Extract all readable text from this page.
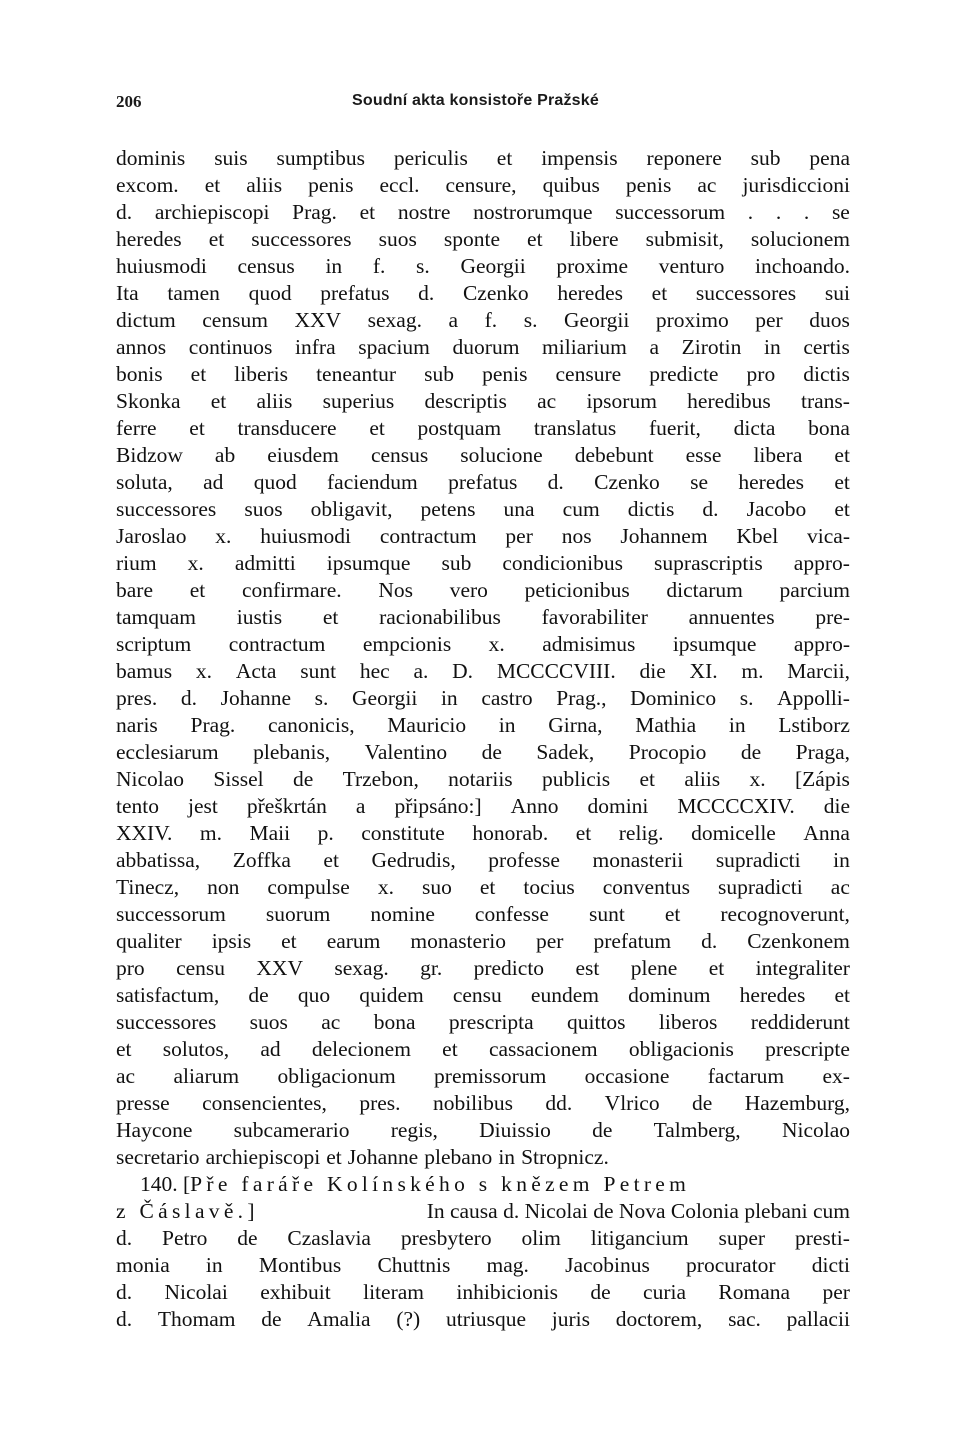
206	Soudní akta konsistoře Pražské
dominis suis sumptibus periculis et impensis reponere sub pena
excom. et aliis penis eccl. censure, quibus penis ac jurisdiccioni
d. archiepiscopi Prag. et nostre nostrorumque successorum . . . se
heredes et successores suos sponte et libere submisit, solucionem
huiusmodi census in f. s. Georgii proxime venturo inchoando.
Ita tamen quod prefatus d. Czenko heredes et successores sui
dictum censum XXV sexag. a f. s. Georgii proximo per duos
annos continuos infra spacium duorum miliarium a Zirotin in certis
bonis et liberis teneantur sub penis censure predicte pro dictis
Skonka et aliis superius descriptis ac ipsorum heredibus trans-
ferre et transducere et postquam translatus fuerit, dicta bona
Bidzow ab eiusdem census solucione debebunt esse libera et
soluta, ad quod faciendum prefatus d. Czenko se heredes et
successores suos obligavit, petens una cum dictis d. Jacobo et
Jaroslao x. huiusmodi contractum per nos Johannem Kbel vica-
rium x. admitti ipsumque sub condicionibus suprascriptis appro-
bare et confirmare. Nos vero peticionibus dictarum parcium
tamquam iustis et racionabilibus favorabiliter annuentes pre-
scriptum contractum empcionis x. admisimus ipsumque appro-
bamus x. Acta sunt hec a. D. MCCCCVIII. die XI. m. Marcii,
pres. d. Johanne s. Georgii in castro Prag., Dominico s. Appolli-
naris Prag. canonicis, Mauricio in Girna, Mathia in Lstiborz
ecclesiarum plebanis, Valentino de Sadek, Procopio de Praga,
Nicolao Sissel de Trzebon, notariis publicis et aliis x. [Zápis
tento jest přeškrtán a připsáno:] Anno domini MCCCCXIV. die
XXIV. m. Maii p. constitute honorab. et relig. domicelle Anna
abbatissa, Zoffka et Gedrudis, professe monasterii supradicti in
Tinecz, non compulse x. suo et tocius conventus supradicti ac
successorum suorum nomine confesse sunt et recognoverunt,
qualiter ipsis et earum monasterio per prefatum d. Czenkonem
pro censu XXV sexag. gr. predicto est plene et integraliter
satisfactum, de quo quidem censu eundem dominum heredes et
successores suos ac bona prescripta quittos liberos reddiderunt
et solutos, ad delecionem et cassacionem obligacionis prescripte
ac aliarum obligacionum premissorum occasione factarum ex-
presse consencientes, pres. nobilibus dd. Vlrico de Hazemburg,
Haycone subcamerario regis, Diuissio de Talmberg, Nicolao
secretario archiepiscopi et Johanne plebano in Stropnicz.
140. [Pře faráře Kolínského s knězem Petrem
z Čáslavě.]	In causa d. Nicolai de Nova Colonia plebani cum
d. Petro de Czaslavia presbytero olim litigancium super presti-
monia in Montibus Chuttnis mag. Jacobinus procurator dicti
d. Nicolai exhibuit literam inhibicionis de curia Romana per
d. Thomam de Amalia (?) utriusque juris doctorem, sac. pallacii
